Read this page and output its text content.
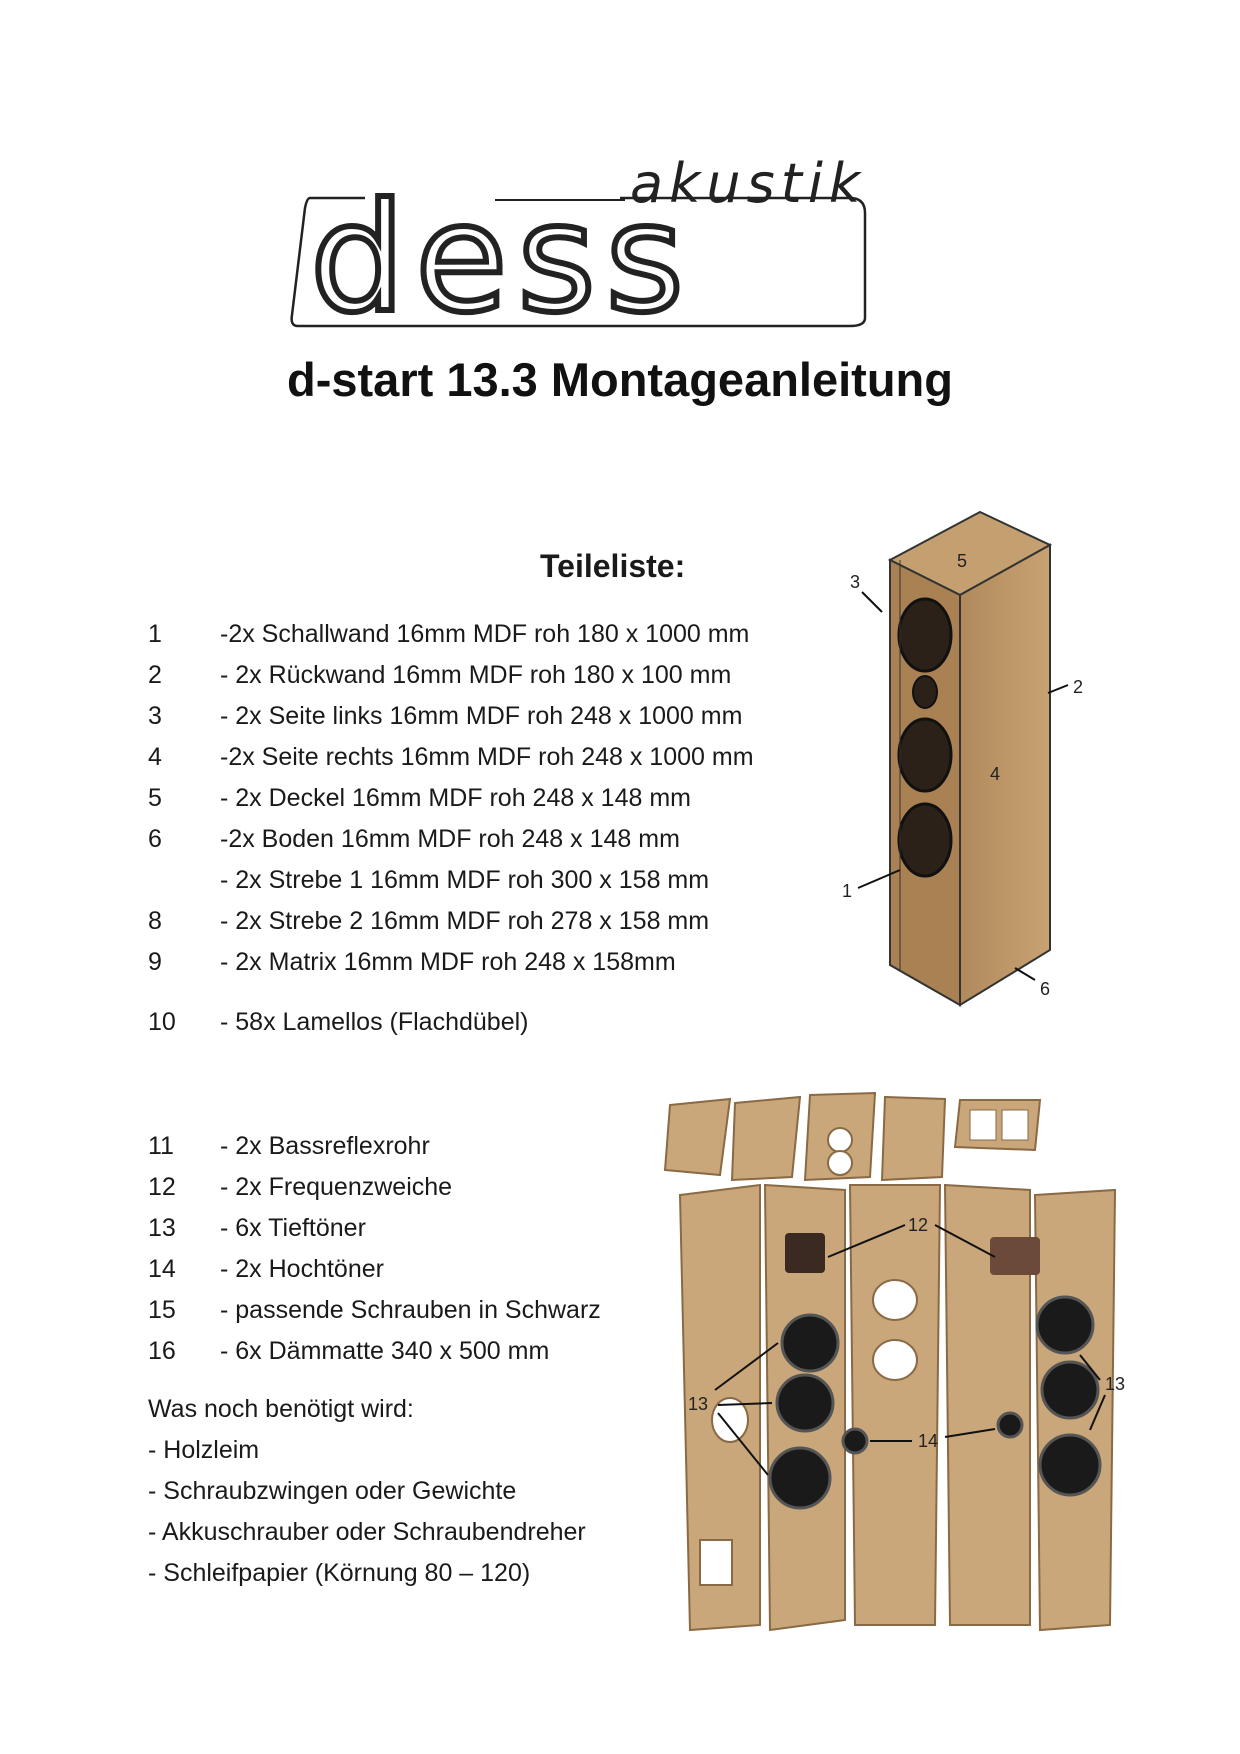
akustik
dess
d-start 13.3 Montageanleitung
Teileliste:
1	-2x Schallwand 16mm MDF roh 180 x 1000 mm
2	- 2x Rückwand 16mm MDF roh 180 x 100 mm
3	- 2x Seite links 16mm MDF roh 248 x 1000 mm
4	-2x Seite rechts 16mm MDF roh 248 x 1000 mm
5	- 2x Deckel 16mm MDF roh 248 x 148 mm
6	-2x Boden 16mm MDF roh 248 x 148 mm
- 2x Strebe 1 16mm MDF roh 300 x 158 mm
8	- 2x Strebe 2 16mm MDF roh 278 x 158 mm
9	- 2x Matrix 16mm MDF roh 248 x 158mm
10	- 58x Lamellos (Flachdübel)
11	- 2x Bassreflexrohr
12	- 2x Frequenzweiche
13	- 6x Tieftöner
14	- 2x Hochtöner
15	- passende Schrauben in Schwarz
16	- 6x Dämmatte 340 x 500 mm
Was noch benötigt wird:
- Holzleim
- Schraubzwingen oder Gewichte
- Akkuschrauber oder Schraubendreher
- Schleifpapier (Körnung 80 – 120)
5
3
2
4
1
6
12
13
13
14
